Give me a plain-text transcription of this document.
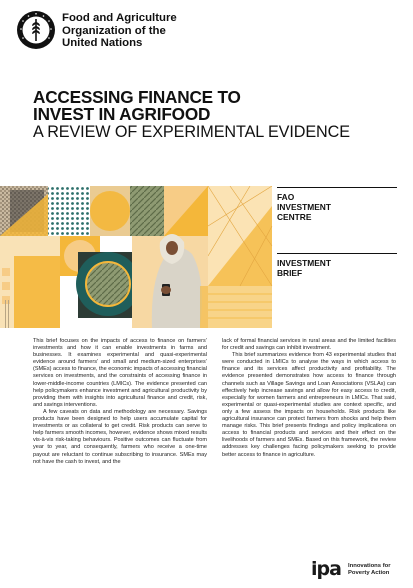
Food and Agriculture
Organization of the
United Nations
ACCESSING FINANCE TO
INVEST IN AGRIFOOD
A REVIEW OF EXPERIMENTAL EVIDENCE
FAO
INVESTMENT
CENTRE
INVESTMENT
BRIEF

This brief focuses on the impacts of access to finance on farmers’ investments and how it can enable investments in farms and businesses. It examines experimental and quasi-experimental evidence around farmers’ and small and medium-sized enterprises’ (SMEs) access to finance, the economic impacts of accessing financial services on investments, and the constraints of accessing finance in lower-middle-income countries (LMICs). The evidence presented can help policymakers enhance investment and agricultural productivity by providing them with insights into agricultural finance and credit, risk, and savings interventions.

A few caveats on data and methodology are necessary. Savings products have been designed to help users accumulate capital for investments or as collateral to get credit. Risk products can serve to help farmers smooth incomes, however, evidence shows mixed results vis-à-vis risk-taking behaviours. Positive outcomes can fluctuate from year to year, and consequently, farmers who receive a one-time payout are reluctant to continue subscribing to insurance. SMEs may not have the cash to invest, and the

lack of formal financial services in rural areas and the limited facilities for credit and savings can inhibit investment.

This brief summarizes evidence from 43 experimental studies that were conducted in LMICs to analyse the ways in which access to finance and its services affect productivity and profitability. The evidence presented demonstrates how access to finance through channels such as Village Savings and Loan Associations (VSLAs) can effectively help increase savings and allow for easy access to credit, especially for women farmers and entrepreneurs in LMICs. That said, experimental or quasi-experimental studies are context specific, and only a few assess the impacts on households. Risk products like agricultural insurance can protect farmers from shocks and help them manage risks. This brief presents findings and policy implications on access to financial products and services and their effect on the livelihoods of farmers and SMEs. Based on this framework, the review addresses key challenges facing policymakers seeking to provide better access to finance in agriculture.

ipa Innovations for
Poverty Action
